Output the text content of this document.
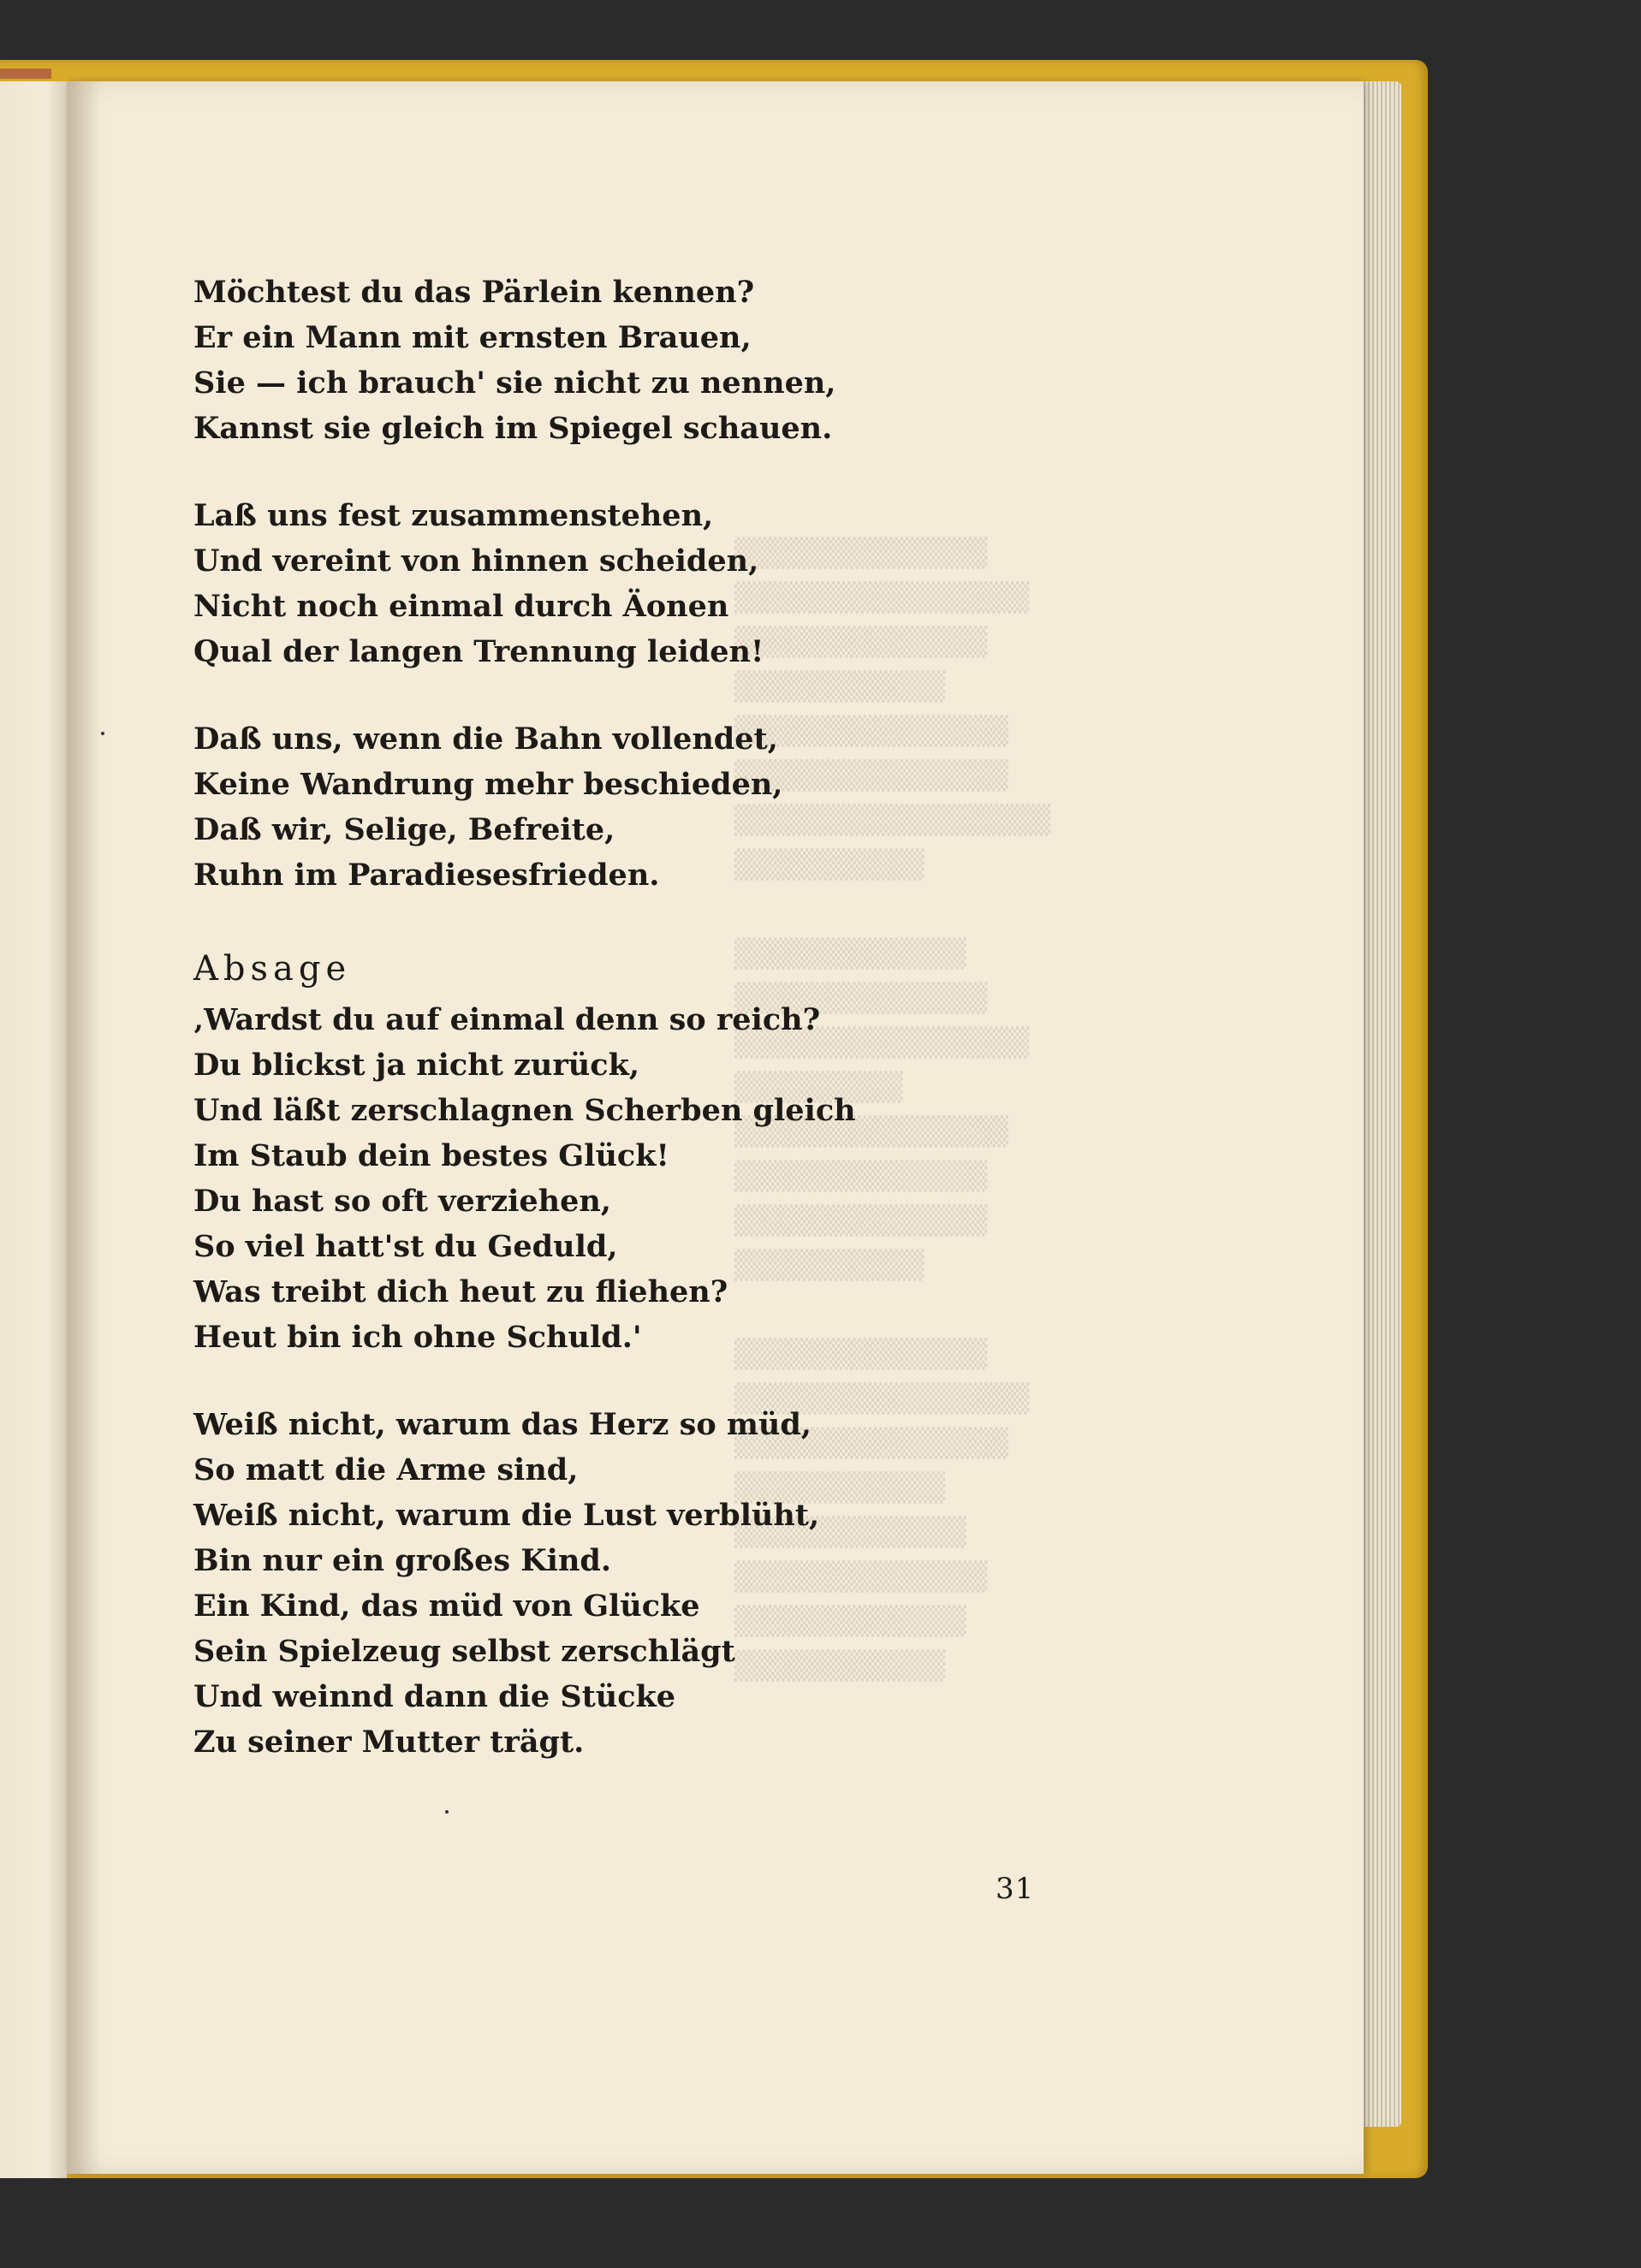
▒▒▒▒▒▒▒▒▒▒▒▒
▒▒▒▒▒▒▒▒▒▒▒▒▒▒
▒▒▒▒▒▒▒▒▒▒▒▒
▒▒▒▒▒▒▒▒▒▒
▒▒▒▒▒▒▒▒▒▒▒▒▒
▒▒▒▒▒▒▒▒▒▒▒▒▒
▒▒▒▒▒▒▒▒▒▒▒▒▒▒▒
▒▒▒▒▒▒▒▒▒
▒▒▒▒▒▒▒▒▒▒▒
▒▒▒▒▒▒▒▒▒▒▒▒
▒▒▒▒▒▒▒▒▒▒▒▒▒▒
▒▒▒▒▒▒▒▒
▒▒▒▒▒▒▒▒▒▒▒▒▒
▒▒▒▒▒▒▒▒▒▒▒▒
▒▒▒▒▒▒▒▒▒▒▒▒
▒▒▒▒▒▒▒▒▒
▒▒▒▒▒▒▒▒▒▒▒▒
▒▒▒▒▒▒▒▒▒▒▒▒▒▒
▒▒▒▒▒▒▒▒▒▒▒▒▒
▒▒▒▒▒▒▒▒▒▒
▒▒▒▒▒▒▒▒▒▒▒
▒▒▒▒▒▒▒▒▒▒▒▒
▒▒▒▒▒▒▒▒▒▒▒
▒▒▒▒▒▒▒▒▒▒
Möchtest du das Pärlein kennen?
Er ein Mann mit ernsten Brauen,
Sie — ich brauch' sie nicht zu nennen,
Kannst sie gleich im Spiegel schauen.
Laß uns fest zusammenstehen,
Und vereint von hinnen scheiden,
Nicht noch einmal durch Äonen
Qual der langen Trennung leiden!
Daß uns, wenn die Bahn vollendet,
Keine Wandrung mehr beschieden,
Daß wir, Selige, Befreite,
Ruhn im Paradiesesfrieden.
Absage
‚Wardst du auf einmal denn so reich?
Du blickst ja nicht zurück,
Und läßt zerschlagnen Scherben gleich
Im Staub dein bestes Glück!
Du hast so oft verziehen,
So viel hatt'st du Geduld,
Was treibt dich heut zu fliehen?
Heut bin ich ohne Schuld.'
Weiß nicht, warum das Herz so müd,
So matt die Arme sind,
Weiß nicht, warum die Lust verblüht,
Bin nur ein großes Kind.
Ein Kind, das müd von Glücke
Sein Spielzeug selbst zerschlägt
Und weinnd dann die Stücke
Zu seiner Mutter trägt.
31
